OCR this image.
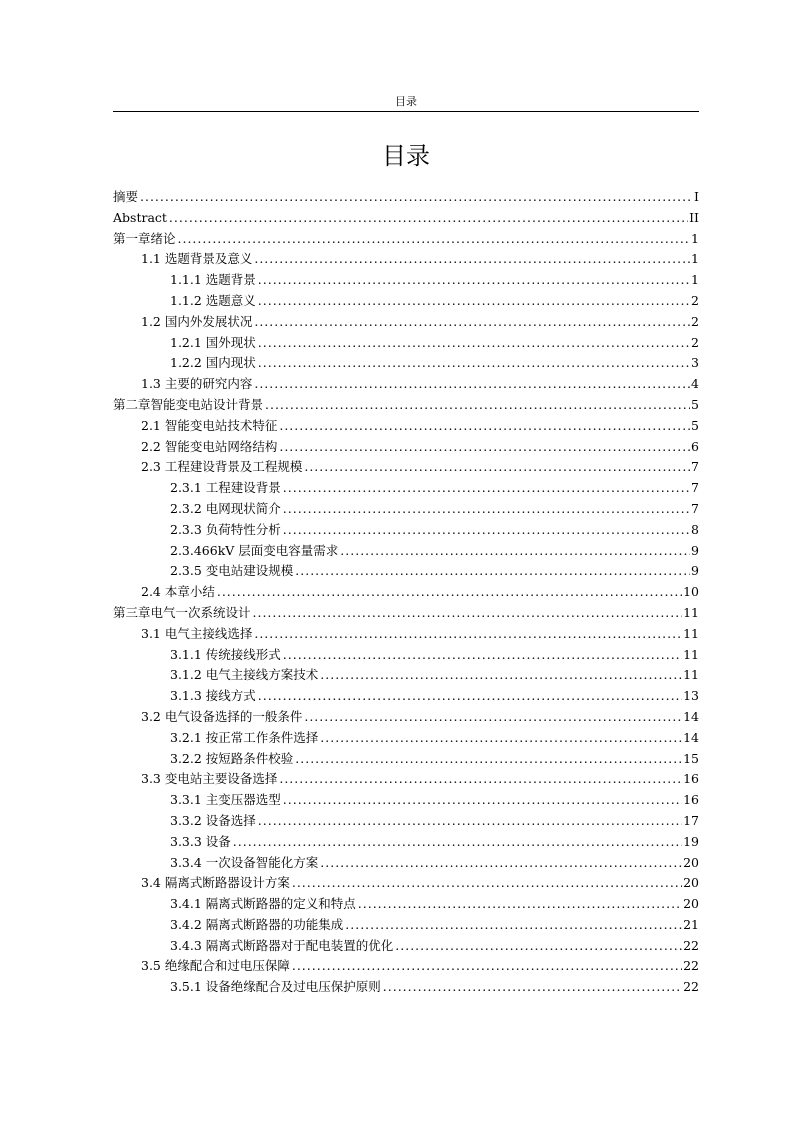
目录
目录
摘要 .....	I
Abstract .....	II
第一章绪论 .....	1
1.1 选题背景及意义 .....	1
1.1.1 选题背景 .....	1
1.1.2 选题意义 .....	2
1.2 国内外发展状况 .....	2
1.2.1 国外现状 .....	2
1.2.2 国内现状 .....	3
1.3 主要的研究内容 .....	4
第二章智能变电站设计背景 .....	5
2.1 智能变电站技术特征 .....	5
2.2 智能变电站网络结构 .....	6
2.3 工程建设背景及工程规模 .....	7
2.3.1 工程建设背景 .....	7
2.3.2 电网现状简介 .....	7
2.3.3 负荷特性分析 .....	8
2.3.466kV 层面变电容量需求 .....	9
2.3.5 变电站建设规模 .....	9
2.4 本章小结 .....	10
第三章电气一次系统设计 .....	11
3.1 电气主接线选择 .....	11
3.1.1 传统接线形式 .....	11
3.1.2 电气主接线方案技术 .....	11
3.1.3 接线方式 .....	13
3.2 电气设备选择的一般条件 .....	14
3.2.1 按正常工作条件选择 .....	14
3.2.2 按短路条件校验 .....	15
3.3 变电站主要设备选择 .....	16
3.3.1 主变压器选型 .....	16
3.3.2 设备选择 .....	17
3.3.3 设备 .....	19
3.3.4 一次设备智能化方案 .....	20
3.4 隔离式断路器设计方案 .....	20
3.4.1 隔离式断路器的定义和特点 .....	20
3.4.2 隔离式断路器的功能集成 .....	21
3.4.3 隔离式断路器对于配电装置的优化 .....	22
3.5 绝缘配合和过电压保障 .....	22
3.5.1 设备绝缘配合及过电压保护原则 .....	22
